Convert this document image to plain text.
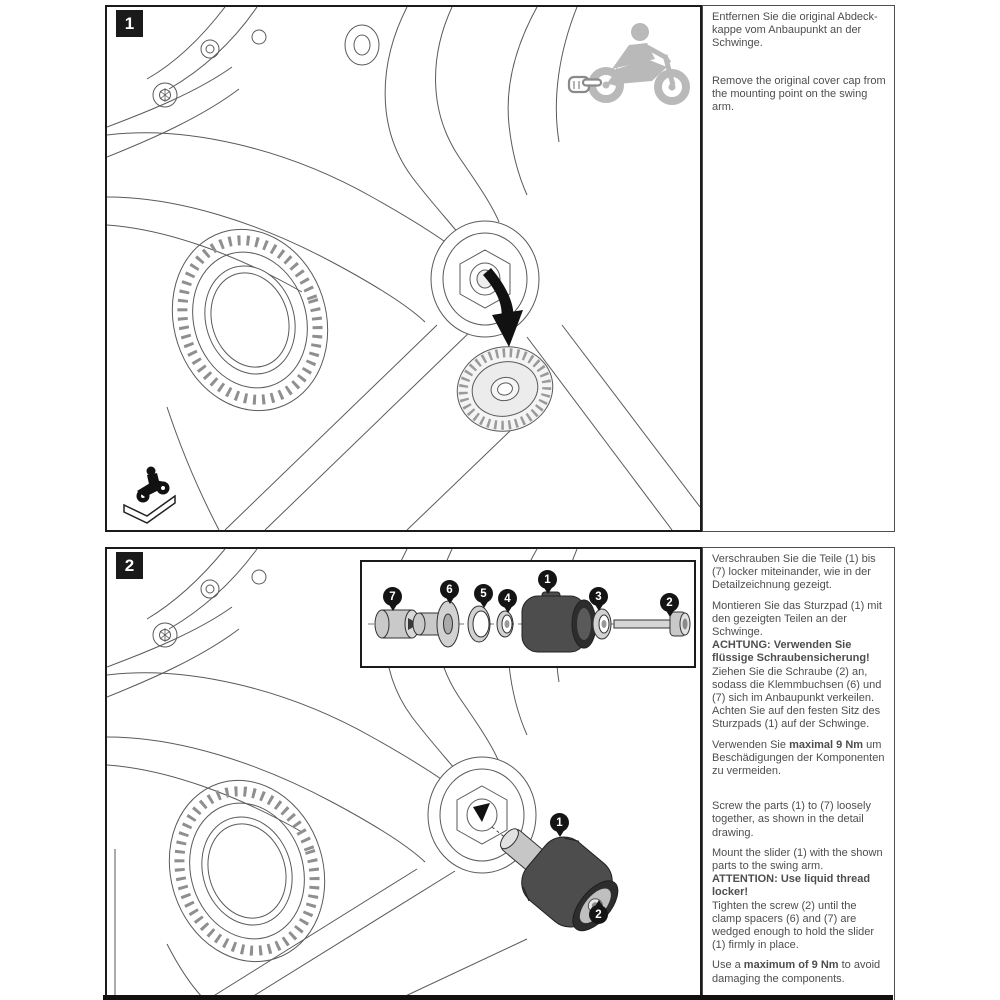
1	Entfernen Sie die original Abdeck-kappe vom Anbaupunkt an der Schwinge.

Remove the original cover cap from the mounting point on the swing arm.

2
7
6	5	4
1
3	2
1
2

Verschrauben Sie die Teile (1) bis (7) locker miteinander, wie in der Detailzeichnung gezeigt.

Montieren Sie das Sturzpad (1) mit den gezeigten Teilen an der Schwinge.

ACHTUNG: Verwenden Sie flüssige Schraubensicherung!

Ziehen Sie die Schraube (2) an, sodass die Klemmbuchsen (6) und (7) sich im Anbaupunkt verkeilen. Achten Sie auf den festen Sitz des Sturzpads (1) auf der Schwinge.

Verwenden Sie maximal 9 Nm um Beschädigungen der Komponenten zu vermeiden.

Screw the parts (1) to (7) loosely together, as shown in the detail drawing.

Mount the slider (1) with the shown parts to the swing arm.

ATTENTION: Use liquid thread locker!

Tighten the screw (2) until the clamp spacers (6) and (7) are wedged enough to hold the slider (1) firmly in place.

Use a maximum of 9 Nm to avoid damaging the components.
